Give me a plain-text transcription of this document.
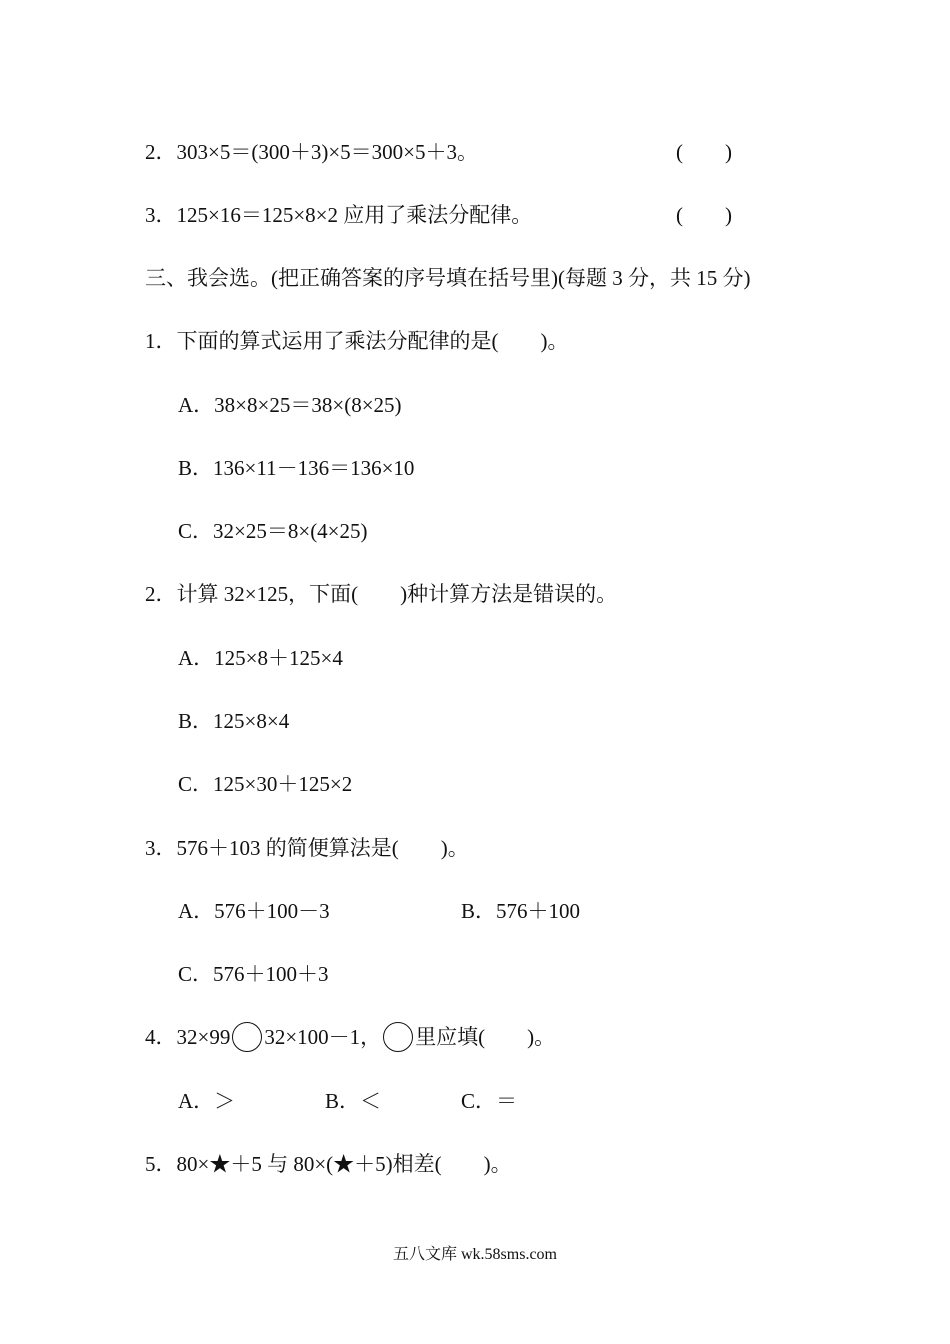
2．303×5＝(300＋3)×5＝300×5＋3。	(　　)
3．125×16＝125×8×2 应用了乘法分配律。	(　　)
三、我会选。(把正确答案的序号填在括号里)(每题 3 分，共 15 分)
1．下面的算式运用了乘法分配律的是(　　)。
A．38×8×25＝38×(8×25)
B．136×11－136＝136×10
C．32×25＝8×(4×25)
2．计算 32×125，下面(　　)种计算方法是错误的。
A．125×8＋125×4
B．125×8×4
C．125×30＋125×2
3．576＋103 的简便算法是(　　)。
A．576＋100－3	B．576＋100
C．576＋100＋3
4．32×99 32×100－1， 里应填(　　)。
A．＞	B．＜	C．＝
5．80×★＋5 与 80×(★＋5)相差(　　)。
五八文库 wk.58sms.com
